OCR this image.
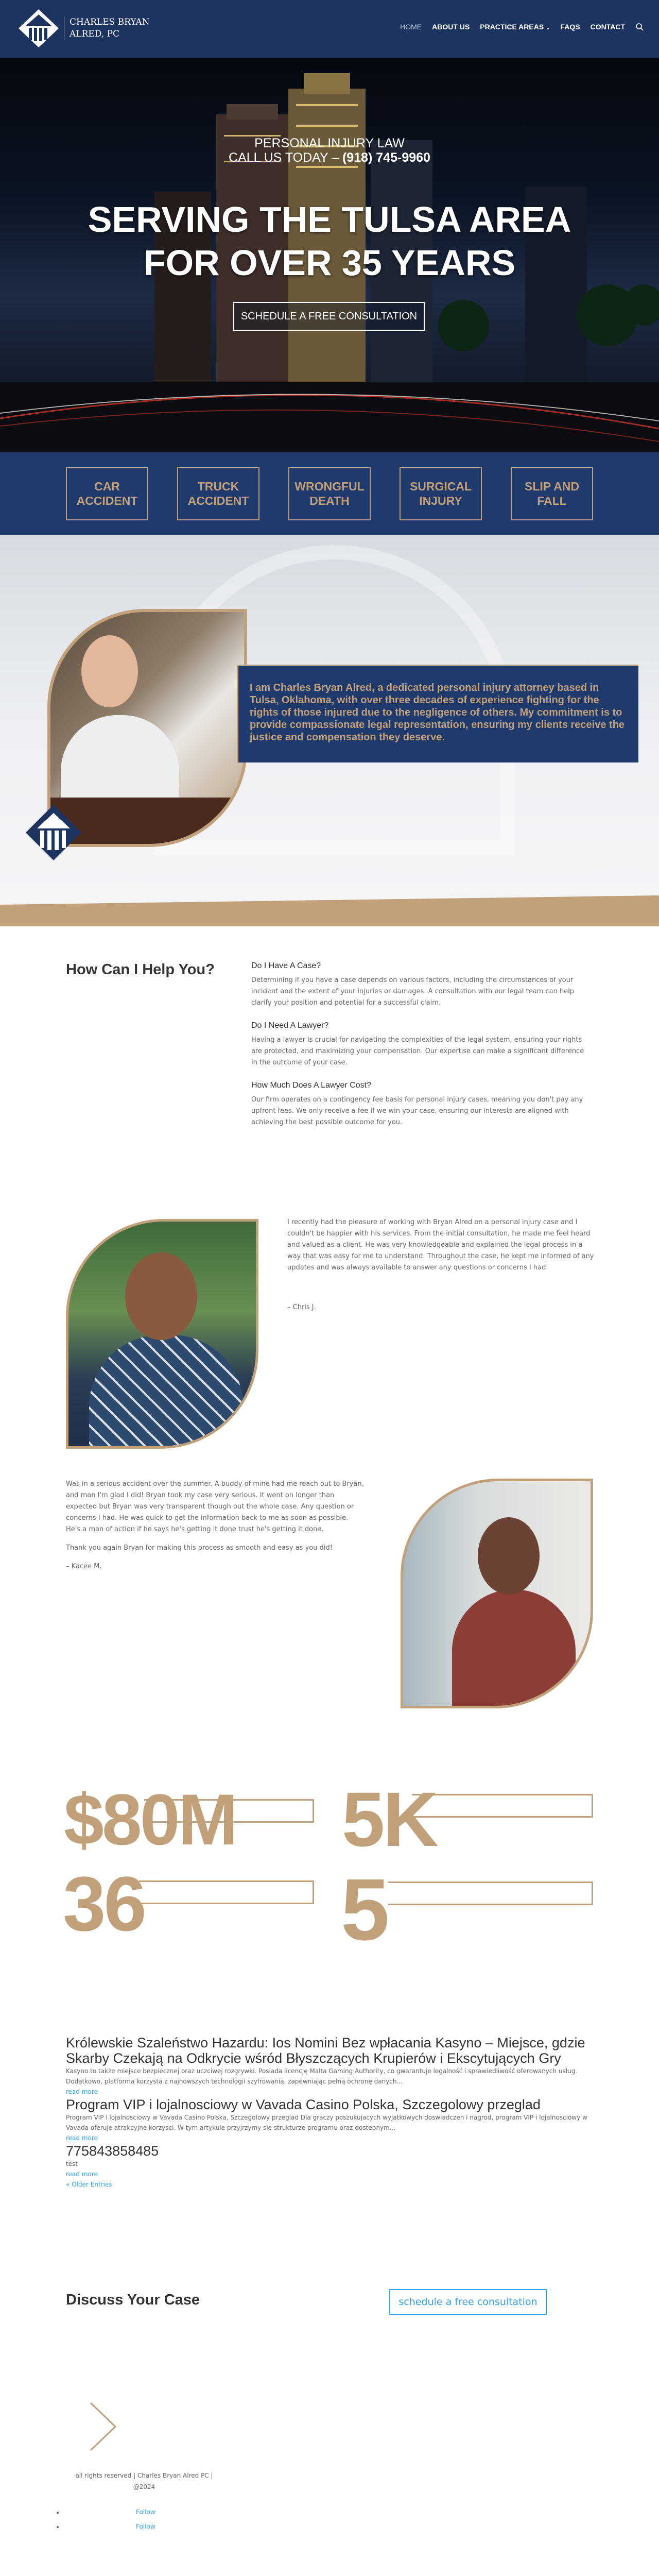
CHARLES BRYAN
ALRED, PC
HOME ABOUT US PRACTICE AREAS ⌄ FAQS CONTACT
PERSONAL INJURY LAW
CALL US TODAY – (918) 745-9960
SERVING THE TULSA AREA
FOR OVER 35 YEARS
SCHEDULE A FREE CONSULTATION
CAR
ACCIDENT
TRUCK
ACCIDENT
WRONGFUL
DEATH
SURGICAL
INJURY
SLIP AND
FALL
I am Charles Bryan Alred, a dedicated personal injury attorney based in Tulsa, Oklahoma, with over three decades of experience fighting for the rights of those injured due to the negligence of others. My commitment is to provide compassionate legal representation, ensuring my clients receive the justice and compensation they deserve.
How Can I Help You?	Do I Have A Case?

Determining if you have a case depends on various factors, including the circumstances of your incident and the extent of your injuries or damages. A consultation with our legal team can help clarify your position and potential for a successful claim.

Do I Need A Lawyer?

Having a lawyer is crucial for navigating the complexities of the legal system, ensuring your rights are protected, and maximizing your compensation. Our expertise can make a significant difference in the outcome of your case.

How Much Does A Lawyer Cost?

Our firm operates on a contingency fee basis for personal injury cases, meaning you don't pay any upfront fees. We only receive a fee if we win your case, ensuring our interests are aligned with achieving the best possible outcome for you.

I recently had the pleasure of working with Bryan Alred on a personal injury case and I couldn't be happier with his services. From the initial consultation, he made me feel heard and valued as a client. He was very knowledgeable and explained the legal process in a way that was easy for me to understand. Throughout the case, he kept me informed of any updates and was always available to answer any questions or concerns I had.

– Chris J.

Was in a serious accident over the summer. A buddy of mine had me reach out to Bryan, and man I'm glad I did! Bryan took my case very serious. It went on longer than expected but Bryan was very transparent though out the whole case. Any question or concerns I had. He was quick to get the information back to me as soon as possible. He's a man of action if he says he's getting it done trust he's getting it done.

Thank you again Bryan for making this process as smooth and easy as you did!

– Kacee M.

$80M 5K
36 5
Królewskie Szaleństwo Hazardu: Ios Nomini Bez wpłacania Kasyno – Miejsce, gdzie Skarby Czekają na Odkrycie wśród Błyszczących Krupierów i Ekscytujących Gry

Kasyno to także miejsce bezpiecznej oraz uczciwej rozgrywki. Posiada licencję Malta Gaming Authority, co gwarantuje legalność i sprawiedliwość oferowanych usług. Dodatkowo, platforma korzysta z najnowszych technologii szyfrowania, zapewniając pełną ochronę danych...

read more
Program VIP i lojalnosciowy w Vavada Casino Polska, Szczegolowy przeglad

Program VIP i lojalnosciowy w Vavada Casino Polska, Szczegolowy przeglad Dla graczy poszukujacych wyjatkowych doswiadczen i nagrod, program VIP i lojalnosciowy w Vavada oferuje atrakcyjne korzysci. W tym artykule przyjrzymy sie strukturze programu oraz dostepnym...

read more
775843858485

test

read more
« Older Entries
Discuss Your Case	schedule a free consultation
all rights reserved | Charles Bryan Alred PC |
@2024
• Follow
• Follow
